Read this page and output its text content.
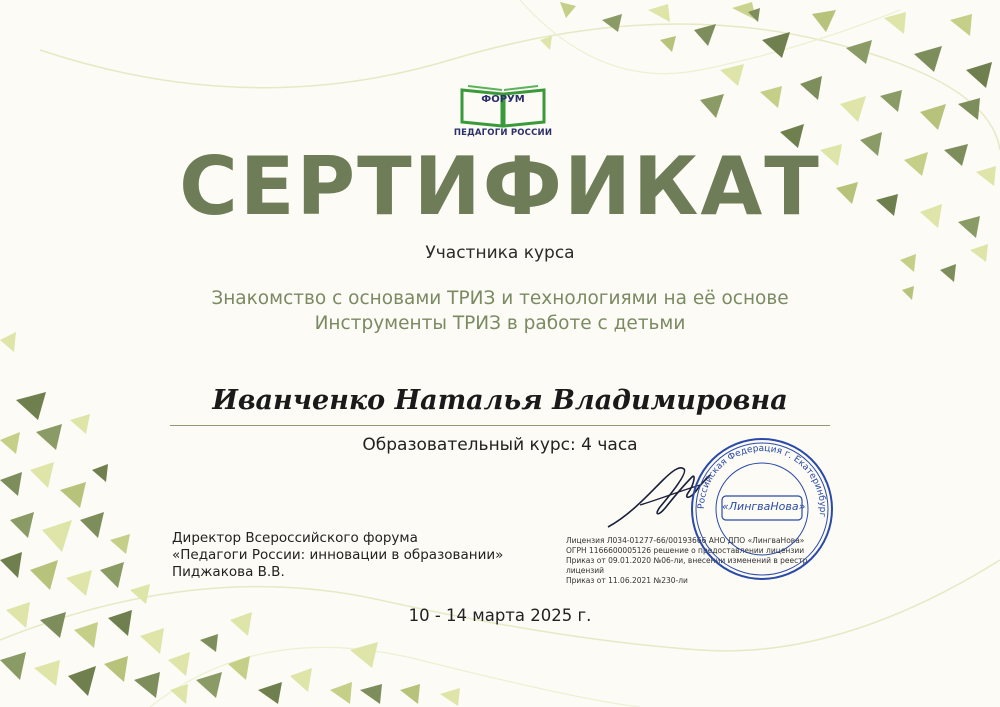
ФОРУМ
ПЕДАГОГИ РОССИИ
СЕРТИФИКАТ
Участника курса
Знакомство с основами ТРИЗ и технологиями на её основе
Инструменты ТРИЗ в работе с детьми
Иванченко Наталья Владимировна
Образовательный курс: 4 часа
Директор Всероссийского форума
«Педагоги России: инновации в образовании»
Пиджакова В.В.
Лицензия Л034-01277-66/00193666 АНО ДПО «ЛингваНова»
ОГРН 1166600005126 решение о предоставлении лицензии
Приказ от 09.01.2020 №06-ли, внесении изменений в реестр лицензий
Приказ от 11.06.2021 №230-ли
Российская Федерация г. Екатеринбург
«ЛингваНова»
10 - 14 марта 2025 г.
